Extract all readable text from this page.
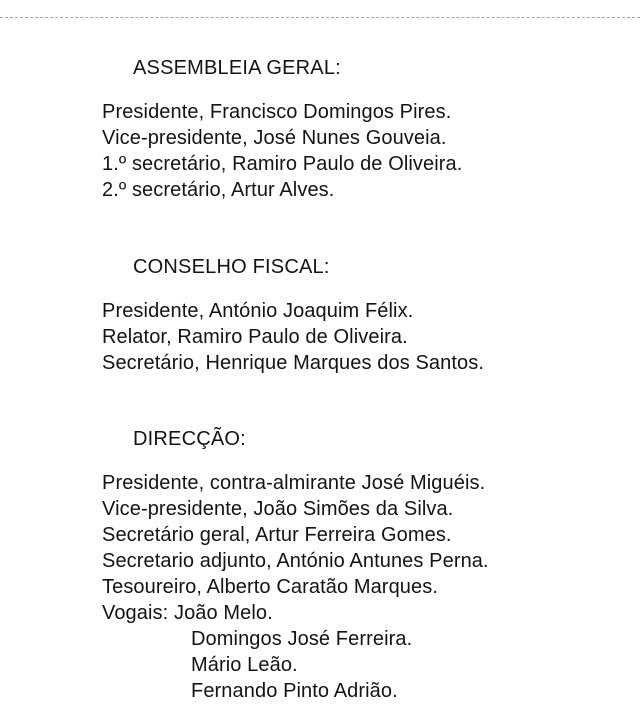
ASSEMBLEIA GERAL:
Presidente, Francisco Domingos Pires.
Vice-presidente, José Nunes Gouveia.
1.º secretário, Ramiro Paulo de Oliveira.
2.º secretário, Artur Alves.
CONSELHO FISCAL:
Presidente, António Joaquim Félix.
Relator, Ramiro Paulo de Oliveira.
Secretário, Henrique Marques dos Santos.
DIRECÇÃO:
Presidente, contra-almirante José Miguéis.
Vice-presidente, João Simões da Silva.
Secretário geral, Artur Ferreira Gomes.
Secretario adjunto, António Antunes Perna.
Tesoureiro, Alberto Caratão Marques.
Vogais: João Melo.
Domingos José Ferreira.
Mário Leão.
Fernando Pinto Adrião.
